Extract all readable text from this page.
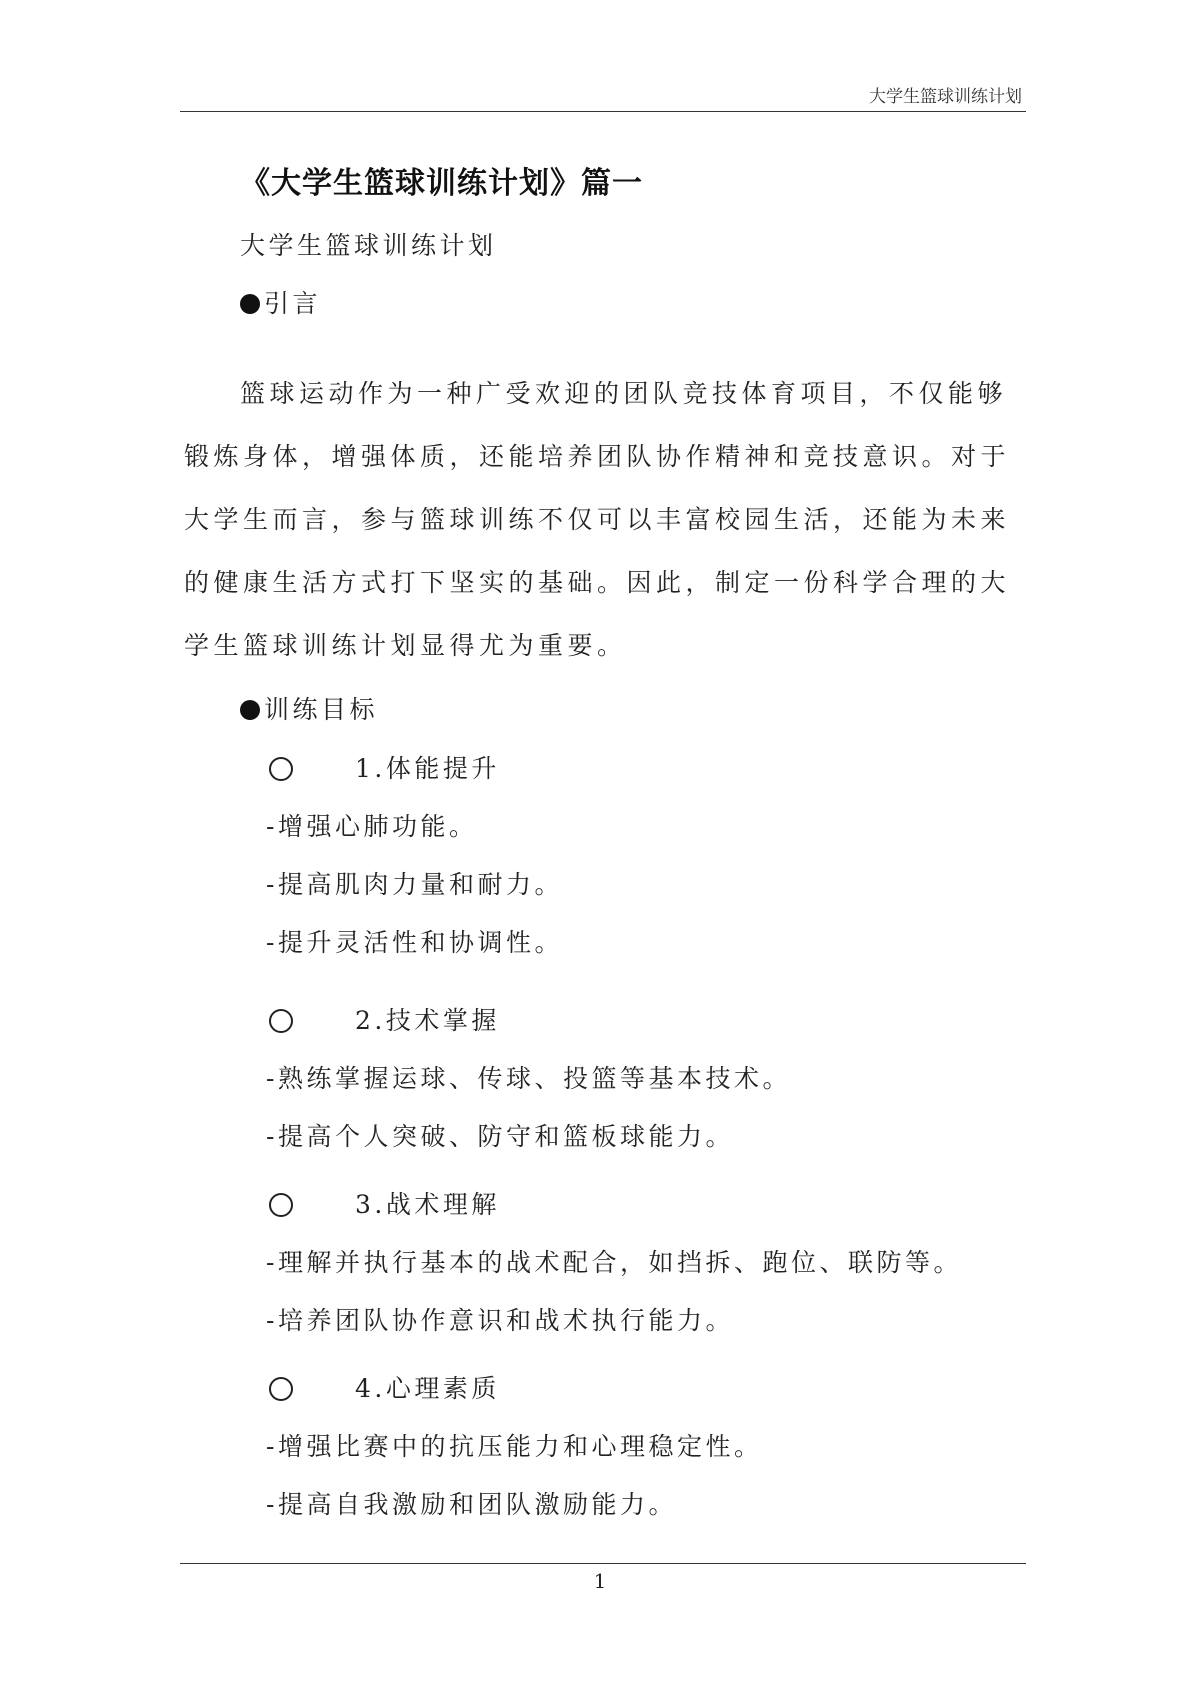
大学生篮球训练计划
《大学生篮球训练计划》篇一
大学生篮球训练计划
引言
篮球运动作为一种广受欢迎的团队竞技体育项目，不仅能够锻炼身体，增强体质，还能培养团队协作精神和竞技意识。对于大学生而言，参与篮球训练不仅可以丰富校园生活，还能为未来的健康生活方式打下坚实的基础。因此，制定一份科学合理的大学生篮球训练计划显得尤为重要。
训练目标
1.体能提升
-增强心肺功能。
-提高肌肉力量和耐力。
-提升灵活性和协调性。
2.技术掌握
-熟练掌握运球、传球、投篮等基本技术。
-提高个人突破、防守和篮板球能力。
3.战术理解
-理解并执行基本的战术配合，如挡拆、跑位、联防等。
-培养团队协作意识和战术执行能力。
4.心理素质
-增强比赛中的抗压能力和心理稳定性。
-提高自我激励和团队激励能力。
1
